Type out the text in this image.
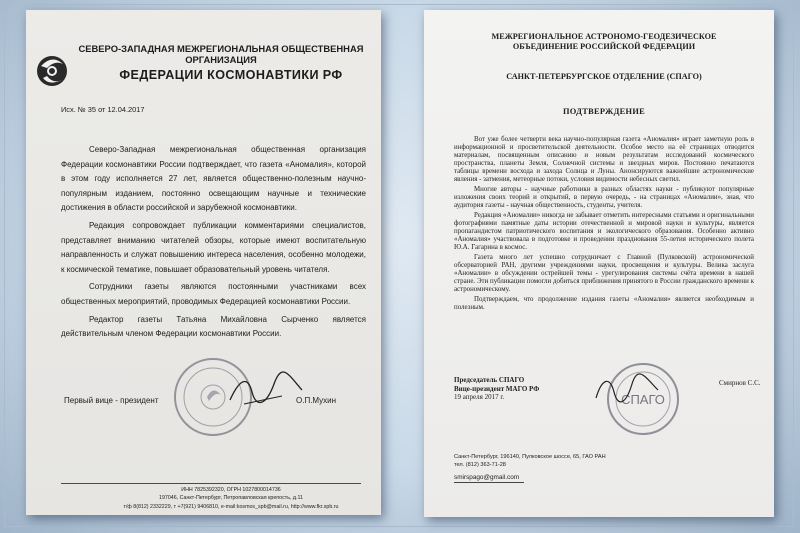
СЕВЕРО-ЗАПАДНАЯ МЕЖРЕГИОНАЛЬНАЯ ОБЩЕСТВЕННАЯ
ОРГАНИЗАЦИЯ
ФЕДЕРАЦИИ КОСМОНАВТИКИ РФ
Исх. № 35 от 12.04.2017

Северо-Западная межрегиональная общественная организация Федерации космонавтики России подтверждает, что газета «Аномалия», которой в этом году исполняется 27 лет, является общественно-полезным научно-популярным изданием, постоянно освещающим научные и технические достижения в области российской и зарубежной космонавтики.

Редакция сопровождает публикации комментариями специалистов, представляет вниманию читателей обзоры, которые имеют воспитательную направленность и служат повышению интереса населения, особенно молодежи, к космической тематике, повышает образовательный уровень читателя.

Сотрудники газеты являются постоянными участниками всех общественных мероприятий, проводимых Федерацией космонавтики России.

Редактор газеты Татьяна Михайловна Сырченко является действительным членом Федерации космонавтики России.

Первый вице - президент	О.П.Мухин
ИНН 7825392320, ОГРН 1027800014736
197046, Санкт-Петербург, Петропавловская крепость, д.11
т/ф 8(812) 2332229, т +7(921) 9406810, e-mail:kosmos_spb@mail.ru, http://www.fkr.spb.ru
МЕЖРЕГИОНАЛЬНОЕ АСТРОНОМО-ГЕОДЕЗИЧЕСКОЕ
ОБЪЕДИНЕНИЕ РОССИЙСКОЙ ФЕДЕРАЦИИ
САНКТ-ПЕТЕРБУРГСКОЕ ОТДЕЛЕНИЕ (СПАГО)
ПОДТВЕРЖДЕНИЕ

Вот уже более четверти века научно-популярная газета «Аномалия» играет заметную роль в информационной и просветительской деятельности. Особое место на её страницах отводится материалам, посвященным описанию и новым результатам исследований космического пространства, планеты Земля, Солнечной системы и звездных миров. Постоянно печатаются таблицы времени восхода и захода Солнца и Луны. Анонсируются важнейшие астрономические явления - затмения, метеорные потоки, условия видимости небесных светил.

Многие авторы - научные работники в разных областях науки - публикуют популярные изложения своих теорий и открытий, в первую очередь, - на страницах «Аномалии», зная, что аудитория газеты - научная общественность, студенты, учителя.

Редакция «Аномалии» никогда не забывает отметить интересными статьями и оригинальными фотографиями памятные даты истории отечественной и мировой науки и культуры, является пропагандистом патриотического воспитания и экологического образования. Особенно активно «Аномалия» участвовала в подготовке и проведении празднования 55-летия исторического полета Ю.А. Гагарина в космос.

Газета много лет успешно сотрудничает с Главной (Пулковской) астрономической обсерваторией РАН, другими учреждениями науки, просвещения и культуры. Велика заслуга «Аномалии» в обсуждении острейшей темы - урегулирования системы счёта времени в нашей стране. Эти публикации помогли добиться приближения принятого в России гражданского времени к астрономическому.

Подтверждаем, что продолжение издания газеты «Аномалия» является необходимым и полезным.

Председатель СПАГО
Вице-президент МАГО РФ
19 апреля 2017 г.	СПАГО
Смирнов С.С.
Санкт-Петербург, 196140, Пулковское шоссе, 65, ГАО РАН
тел. (812) 363-71-28
smirspago@gmail.com
